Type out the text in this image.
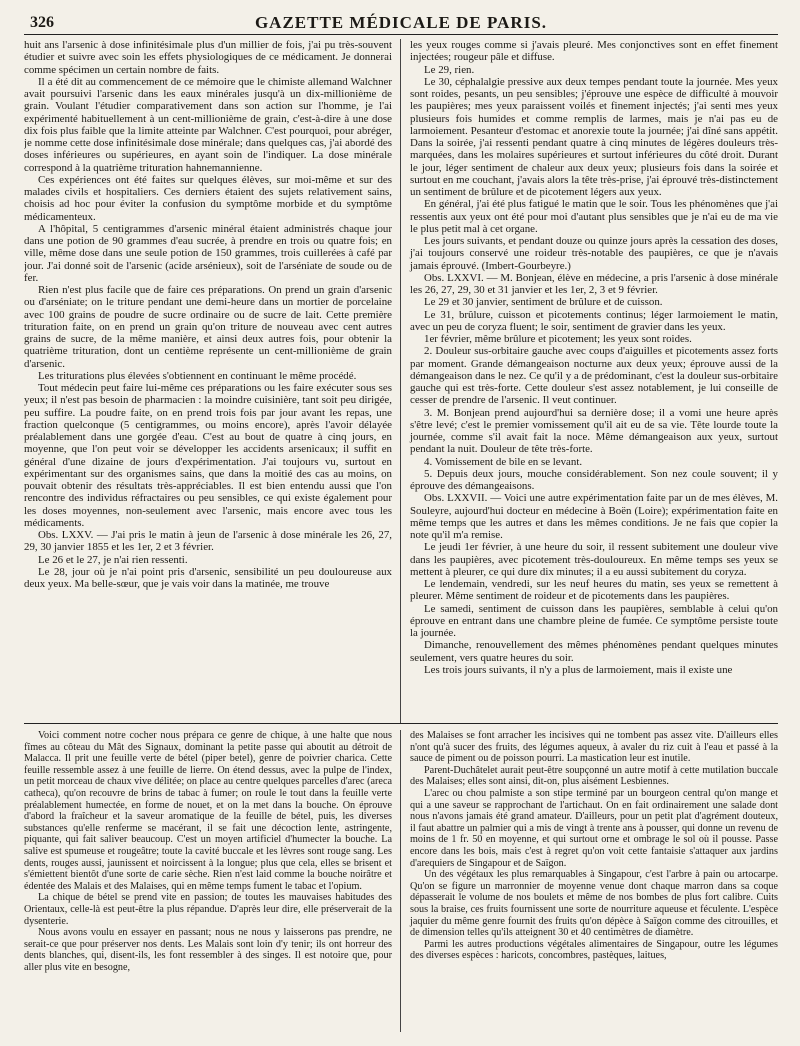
326	GAZETTE MÉDICALE DE PARIS.

huit ans l'arsenic à dose infinitésimale plus d'un millier de fois, j'ai pu très-souvent étudier et suivre avec soin les effets physiologiques de ce médicament. Je donnerai comme spécimen un certain nombre de faits.

Il a été dit au commencement de ce mémoire que le chimiste allemand Walchner avait poursuivi l'arsenic dans les eaux minérales jusqu'à un dix-millionième de grain. Voulant l'étudier comparativement dans son action sur l'homme, je l'ai expérimenté habituellement à un cent-millionième de grain, c'est-à-dire à une dose dix fois plus faible que la limite atteinte par Walchner. C'est pourquoi, pour abréger, je nomme cette dose infinitésimale dose minérale; dans quelques cas, j'ai abordé des doses inférieures ou supérieures, en ayant soin de l'indiquer. La dose minérale correspond à la quatrième trituration hahnemannienne.

Ces expériences ont été faites sur quelques élèves, sur moi-même et sur des malades civils et hospitaliers. Ces derniers étaient des sujets relativement sains, choisis ad hoc pour éviter la confusion du symptôme morbide et du symptôme médicamenteux.

A l'hôpital, 5 centigrammes d'arsenic minéral étaient administrés chaque jour dans une potion de 90 grammes d'eau sucrée, à prendre en trois ou quatre fois; en ville, même dose dans une seule potion de 150 grammes, trois cuillerées à café par jour. J'ai donné soit de l'arsenic (acide arsénieux), soit de l'arséniate de soude ou de fer.

Rien n'est plus facile que de faire ces préparations. On prend un grain d'arsenic ou d'arséniate; on le triture pendant une demi-heure dans un mortier de porcelaine avec 100 grains de poudre de sucre ordinaire ou de sucre de lait. Cette première trituration faite, on en prend un grain qu'on triture de nouveau avec cent autres grains de sucre, de la même manière, et ainsi deux autres fois, pour obtenir la quatrième trituration, dont un centième représente un cent-millionième de grain d'arsenic.

Les triturations plus élevées s'obtiennent en continuant le même procédé.

Tout médecin peut faire lui-même ces préparations ou les faire exécuter sous ses yeux; il n'est pas besoin de pharmacien : la moindre cuisinière, tant soit peu dirigée, peu suffire. La poudre faite, on en prend trois fois par jour avant les repas, une fraction quelconque (5 centigrammes, ou moins encore), après l'avoir délayée préalablement dans une gorgée d'eau. C'est au bout de quatre à cinq jours, en moyenne, que l'on peut voir se développer les accidents arsenicaux; il suffit en général d'une dizaine de jours d'expérimentation. J'ai toujours vu, surtout en expérimentant sur des organismes sains, que dans la moitié des cas au moins, on pouvait obtenir des résultats très-appréciables. Il est bien entendu aussi que l'on rencontre des individus réfractaires ou peu sensibles, ce qui existe également pour les doses moyennes, non-seulement avec l'arsenic, mais encore avec tous les médicaments.

Obs. LXXV. — J'ai pris le matin à jeun de l'arsenic à dose minérale les 26, 27, 29, 30 janvier 1855 et les 1er, 2 et 3 février.

Le 26 et le 27, je n'ai rien ressenti.

Le 28, jour où je n'ai point pris d'arsenic, sensibilité un peu douloureuse aux deux yeux. Ma belle-sœur, que je vais voir dans la matinée, me trouve

les yeux rouges comme si j'avais pleuré. Mes conjonctives sont en effet finement injectées; rougeur pâle et diffuse.

Le 29, rien.

Le 30, céphalalgie pressive aux deux tempes pendant toute la journée. Mes yeux sont roides, pesants, un peu sensibles; j'éprouve une espèce de difficulté à mouvoir les paupières; mes yeux paraissent voilés et finement injectés; j'ai senti mes yeux plusieurs fois humides et comme remplis de larmes, mais je n'ai pas eu de larmoiement. Pesanteur d'estomac et anorexie toute la journée; j'ai dîné sans appétit. Dans la soirée, j'ai ressenti pendant quatre à cinq minutes de légères douleurs très-marquées, dans les molaires supérieures et surtout inférieures du côté droit. Durant le jour, léger sentiment de chaleur aux deux yeux; plusieurs fois dans la soirée et surtout en me couchant, j'avais alors la tête très-prise, j'ai éprouvé très-distinctement un sentiment de brûlure et de picotement légers aux yeux.

En général, j'ai été plus fatigué le matin que le soir. Tous les phénomènes que j'ai ressentis aux yeux ont été pour moi d'autant plus sensibles que je n'ai eu de ma vie le plus petit mal à cet organe.

Les jours suivants, et pendant douze ou quinze jours après la cessation des doses, j'ai toujours conservé une roideur très-notable des paupières, ce que je n'avais jamais éprouvé. (Imbert-Gourbeyre.)

Obs. LXXVI. — M. Bonjean, élève en médecine, a pris l'arsenic à dose minérale les 26, 27, 29, 30 et 31 janvier et les 1er, 2, 3 et 9 février.

Le 29 et 30 janvier, sentiment de brûlure et de cuisson.

Le 31, brûlure, cuisson et picotements continus; léger larmoiement le matin, avec un peu de coryza fluent; le soir, sentiment de gravier dans les yeux.

1er février, même brûlure et picotement; les yeux sont roides.

2. Douleur sus-orbitaire gauche avec coups d'aiguilles et picotements assez forts par moment. Grande démangeaison nocturne aux deux yeux; éprouve aussi de la démangeaison dans le nez. Ce qu'il y a de prédominant, c'est la douleur sus-orbitaire gauche qui est très-forte. Cette douleur s'est assez notablement, je lui conseille de cesser de prendre de l'arsenic. Il veut continuer.

3. M. Bonjean prend aujourd'hui sa dernière dose; il a vomi une heure après s'être levé; c'est le premier vomissement qu'il ait eu de sa vie. Tête lourde toute la journée, comme s'il avait fait la noce. Même démangeaison aux yeux, surtout pendant la nuit. Douleur de tête très-forte.

4. Vomissement de bile en se levant.

5. Depuis deux jours, mouche considérablement. Son nez coule souvent; il y éprouve des démangeaisons.

Obs. LXXVII. — Voici une autre expérimentation faite par un de mes élèves, M. Souleyre, aujourd'hui docteur en médecine à Boën (Loire); expérimentation faite en même temps que les autres et dans les mêmes conditions. Je ne fais que copier la note qu'il m'a remise.

Le jeudi 1er février, à une heure du soir, il ressent subitement une douleur vive dans les paupières, avec picotement très-douloureux. En même temps ses yeux se mettent à pleurer, ce qui dure dix minutes; il a eu aussi subitement du coryza.

Le lendemain, vendredi, sur les neuf heures du matin, ses yeux se remettent à pleurer. Même sentiment de roideur et de picotements dans les paupières.

Le samedi, sentiment de cuisson dans les paupières, semblable à celui qu'on éprouve en entrant dans une chambre pleine de fumée. Ce symptôme persiste toute la journée.

Dimanche, renouvellement des mêmes phénomènes pendant quelques minutes seulement, vers quatre heures du soir.

Les trois jours suivants, il n'y a plus de larmoiement, mais il existe une

Voici comment notre cocher nous prépara ce genre de chique, à une halte que nous fîmes au côteau du Mât des Signaux, dominant la petite passe qui aboutit au détroit de Malacca. Il prit une feuille verte de bétel (piper betel), genre de poivrier charica. Cette feuille ressemble assez à une feuille de lierre. On étend dessus, avec la pulpe de l'index, un petit morceau de chaux vive délitée; on place au centre quelques parcelles d'arec (areca catheca), qu'on recouvre de brins de tabac à fumer; on roule le tout dans la feuille verte préalablement humectée, en forme de nouet, et on la met dans la bouche. On éprouve d'abord la fraîcheur et la saveur aromatique de la feuille de bétel, puis, les diverses substances qu'elle renferme se macérant, il se fait une décoction lente, astringente, piquante, qui fait saliver beaucoup. C'est un moyen artificiel d'humecter la bouche. La salive est spumeuse et rougeâtre; toute la cavité buccale et les lèvres sont rouge sang. Les dents, rouges aussi, jaunissent et noircissent à la longue; plus que cela, elles se brisent et s'émiettent bientôt d'une sorte de carie sèche. Rien n'est laid comme la bouche noirâtre et édentée des Malais et des Malaises, qui en même temps fument le tabac et l'opium.

La chique de bétel se prend vite en passion; de toutes les mauvaises habitudes des Orientaux, celle-là est peut-être la plus répandue. D'après leur dire, elle préserverait de la dysenterie.

Nous avons voulu en essayer en passant; nous ne nous y laisserons pas prendre, ne serait-ce que pour préserver nos dents. Les Malais sont loin d'y tenir; ils ont horreur des dents blanches, qui, disent-ils, les font ressembler à des singes. Il est notoire que, pour aller plus vite en besogne,

des Malaises se font arracher les incisives qui ne tombent pas assez vite. D'ailleurs elles n'ont qu'à sucer des fruits, des légumes aqueux, à avaler du riz cuit à l'eau et passé à la sauce de piment ou de poisson pourri. La mastication leur est inutile.

Parent-Duchâtelet aurait peut-être soupçonné un autre motif à cette mutilation buccale des Malaises; elles sont ainsi, dit-on, plus aisément Lesbiennes.

L'arec ou chou palmiste a son stipe terminé par un bourgeon central qu'on mange et qui a une saveur se rapprochant de l'artichaut. On en fait ordinairement une salade dont nous n'avons jamais été grand amateur. D'ailleurs, pour un petit plat d'agrément douteux, il faut abattre un palmier qui a mis de vingt à trente ans à pousser, qui donne un revenu de moins de 1 fr. 50 en moyenne, et qui surtout orne et ombrage le sol où il pousse. Passe encore dans les bois, mais c'est à regret qu'on voit cette fantaisie s'attaquer aux jardins d'arequiers de Singapour et de Saïgon.

Un des végétaux les plus remarquables à Singapour, c'est l'arbre à pain ou artocarpe. Qu'on se figure un marronnier de moyenne venue dont chaque marron dans sa coque dépasserait le volume de nos boulets et même de nos bombes de plus fort calibre. Cuits sous la braise, ces fruits fournissent une sorte de nourriture aqueuse et féculente. L'espèce jaquier du même genre fournit des fruits qu'on dépèce à Saïgon comme des citrouilles, et de dimension telles qu'ils atteignent 30 et 40 centimètres de diamètre.

Parmi les autres productions végétales alimentaires de Singapour, outre les légumes des diverses espèces : haricots, concombres, pastèques, laitues,
